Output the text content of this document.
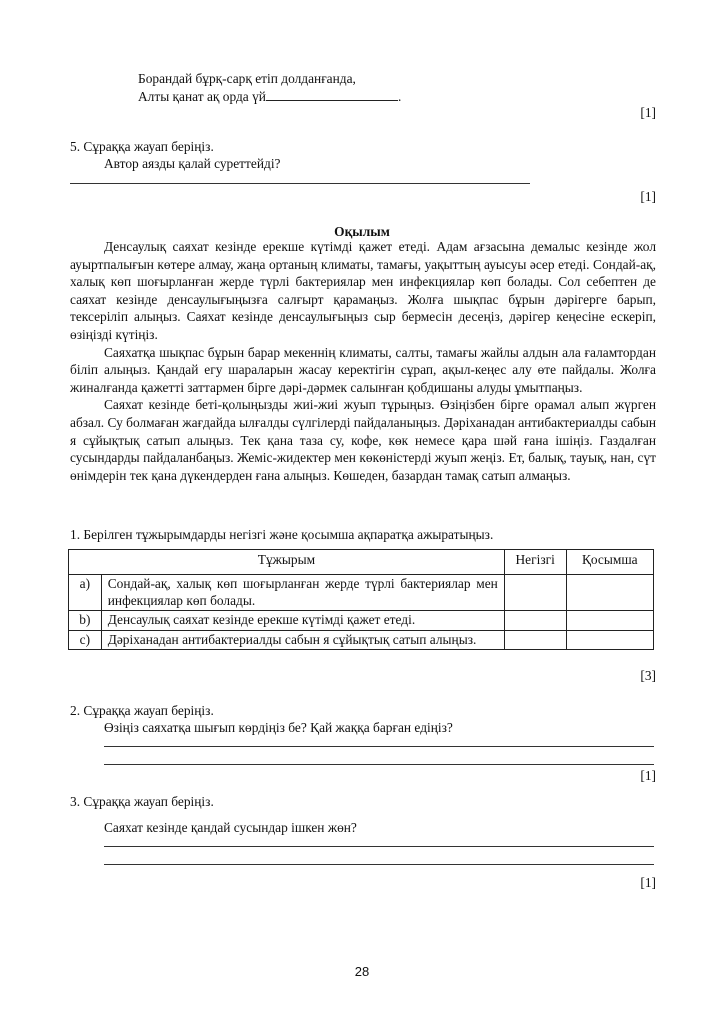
Борандай бұрқ-сарқ етіп долданғанда,
Алты қанат ақ орда үй	.
[1]
5. Сұраққа жауап беріңіз.
Автор аязды қалай суреттейді?
[1]
Оқылым

Денсаулық саяхат кезінде ерекше күтімді қажет етеді. Адам ағзасына демалыс кезінде жол ауыртпалығын көтере алмау, жаңа ортаның климаты, тамағы, уақыттың ауысуы әсер етеді. Сондай-ақ, халық көп шоғырланған жерде түрлі бактериялар мен инфекциялар көп болады. Сол себептен де саяхат кезінде денсаулығыңызға салғырт қарамаңыз. Жолға шықпас бұрын дәрігерге барып, тексеріліп алыңыз. Саяхат кезінде денсаулығыңыз сыр бермесін десеңіз, дәрігер кеңесіне ескеріп, өзіңізді күтіңіз.

Саяхатқа шықпас бұрын барар мекеннің климаты, салты, тамағы жайлы алдын ала ғаламтордан біліп алыңыз. Қандай егу шараларын жасау керектігін сұрап, ақыл-кеңес алу өте пайдалы. Жолға жиналғанда қажетті заттармен бірге дәрі-дәрмек салынған қобдишаны алуды ұмытпаңыз.

Саяхат кезінде беті-қолыңызды жиі-жиі жуып тұрыңыз. Өзіңізбен бірге орамал алып жүрген абзал. Су болмаған жағдайда ылғалды сүлгілерді пайдаланыңыз. Дәріханадан антибактериалды сабын я сұйықтық сатып алыңыз. Тек қана таза су, кофе, көк немесе қара шәй ғана ішіңіз. Газдалған сусындарды пайдаланбаңыз. Жеміс-жидектер мен көкөністерді жуып жеңіз. Ет, балық, тауық, нан, сүт өнімдерін тек қана дүкендерден ғана алыңыз. Көшеден, базардан тамақ сатып алмаңыз.

1. Берілген тұжырымдарды негізгі және қосымша ақпаратқа ажыратыңыз.
Тұжырым		Негізгі	Қосымша
a)	Сондай-ақ, халық көп шоғырланған жерде түрлі бактериялар мен инфекциялар көп болады.		
b)	Денсаулық саяхат кезінде ерекше күтімді қажет етеді.		
c)	Дәріханадан антибактериалды сабын я сұйықтық сатып алыңыз.		
[3]
2. Сұраққа жауап беріңіз.
Өзіңіз саяхатқа шығып көрдіңіз бе? Қай жаққа барған едіңіз?
[1]
3. Сұраққа жауап беріңіз.
Саяхат кезінде қандай сусындар ішкен жөн?
[1]
28
